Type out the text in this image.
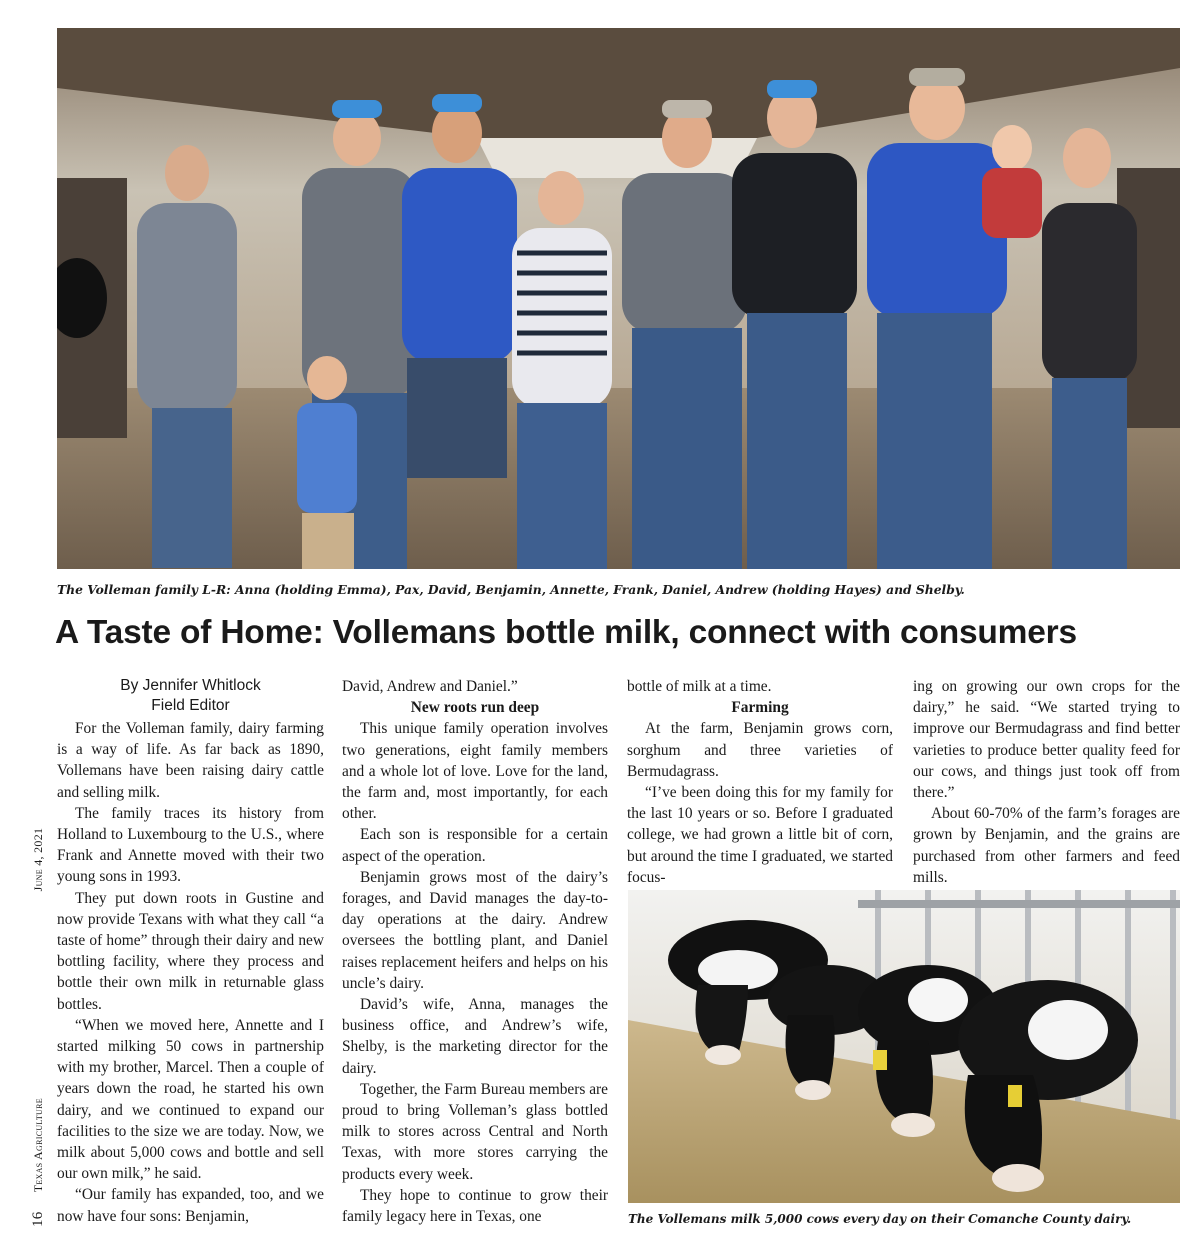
The Volleman family L-R: Anna (holding Emma), Pax, David, Benjamin, Annette, Frank, Daniel, Andrew (holding Hayes) and Shelby.
A Taste of Home: Vollemans bottle milk, connect with consumers
By Jennifer Whitlock
Field Editor

For the Volleman family, dairy farming is a way of life. As far back as 1890, Vollemans have been raising dairy cattle and selling milk.

The family traces its history from Holland to Luxembourg to the U.S., where Frank and Annette moved with their two young sons in 1993.

They put down roots in Gustine and now provide Texans with what they call “a taste of home” through their dairy and new bottling facility, where they process and bottle their own milk in returnable glass bottles.

“When we moved here, Annette and I started milking 50 cows in partnership with my brother, Marcel. Then a couple of years down the road, he started his own dairy, and we continued to expand our facilities to the size we are today. Now, we milk about 5,000 cows and bottle and sell our own milk,” he said.

“Our family has expanded, too, and we now have four sons: Benjamin,

David, Andrew and Daniel.”

New roots run deep

This unique family operation involves two generations, eight family members and a whole lot of love. Love for the land, the farm and, most importantly, for each other.

Each son is responsible for a certain aspect of the operation.

Benjamin grows most of the dairy’s forages, and David manages the day-to-day operations at the dairy. Andrew oversees the bottling plant, and Daniel raises replacement heifers and helps on his uncle’s dairy.

David’s wife, Anna, manages the business office, and Andrew’s wife, Shelby, is the marketing director for the dairy.

Together, the Farm Bureau members are proud to bring Volleman’s glass bottled milk to stores across Central and North Texas, with more stores carrying the products every week.

They hope to continue to grow their family legacy here in Texas, one

bottle of milk at a time.

Farming

At the farm, Benjamin grows corn, sorghum and three varieties of Bermudagrass.

“I’ve been doing this for my family for the last 10 years or so. Before I graduated college, we had grown a little bit of corn, but around the time I graduated, we started focus-

ing on growing our own crops for the dairy,” he said. “We started trying to improve our Bermudagrass and find better varieties to produce better quality feed for our cows, and things just took off from there.”

About 60-70% of the farm’s forages are grown by Benjamin, and the grains are purchased from other farmers and feed mills.

The Vollemans milk 5,000 cows every day on their Comanche County dairy.
16 Texas Agriculture  June 4, 2021
